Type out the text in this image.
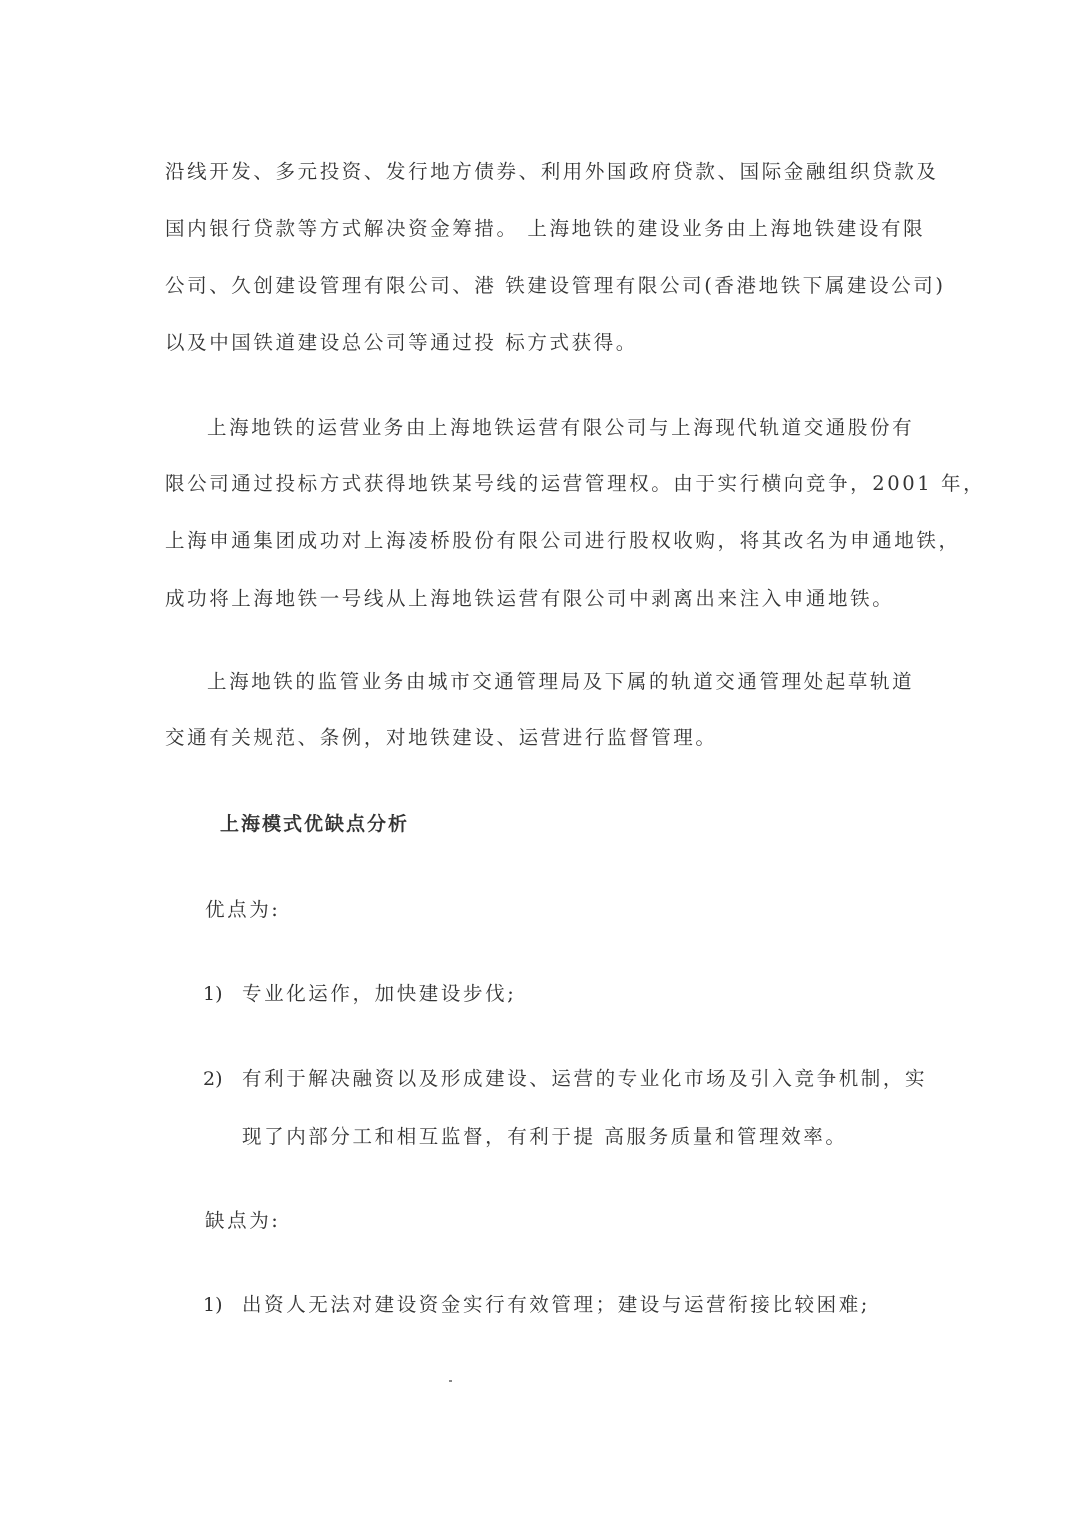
沿线开发、多元投资、发行地方债券、利用外国政府贷款、国际金融组织贷款及
国内银行贷款等方式解决资金筹措。 上海地铁的建设业务由上海地铁建设有限
公司、久创建设管理有限公司、港 铁建设管理有限公司(香港地铁下属建设公司)
以及中国铁道建设总公司等通过投 标方式获得。
上海地铁的运营业务由上海地铁运营有限公司与上海现代轨道交通股份有
限公司通过投标方式获得地铁某号线的运营管理权。由于实行横向竞争，2001 年，
上海申通集团成功对上海凌桥股份有限公司进行股权收购，将其改名为申通地铁，
成功将上海地铁一号线从上海地铁运营有限公司中剥离出来注入申通地铁。
上海地铁的监管业务由城市交通管理局及下属的轨道交通管理处起草轨道
交通有关规范、条例，对地铁建设、运营进行监督管理。
上海模式优缺点分析
优点为:
1) 专业化运作，加快建设步伐;
2) 有利于解决融资以及形成建设、运营的专业化市场及引入竞争机制，实
现了内部分工和相互监督，有利于提 高服务质量和管理效率。
缺点为:
1) 出资人无法对建设资金实行有效管理；建设与运营衔接比较困难;
